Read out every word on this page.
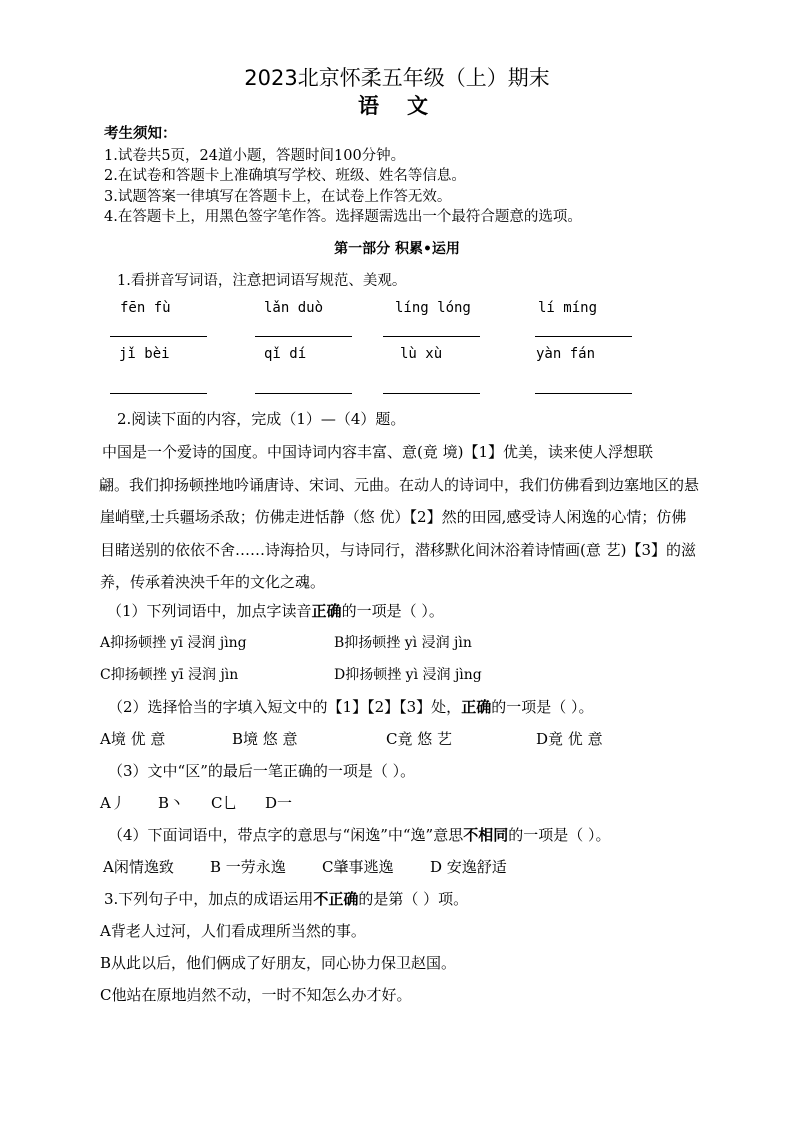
2023北京怀柔五年级（上）期末
语文
考生须知：
1.试卷共5页，24道小题，答题时间100分钟。
2.在试卷和答题卡上准确填写学校、班级、姓名等信息。
3.试题答案一律填写在答题卡上，在试卷上作答无效。
4.在答题卡上，用黑色签字笔作答。选择题需选出一个最符合题意的选项。
第一部分 积累•运用
1.看拼音写词语，注意把词语写规范、美观。
fēn fù	lǎn duò	líng lóng	lí míng
jǐ bèi	qǐ dí	lù xù	yàn fán
2.阅读下面的内容，完成（1）—（4）题。
中国是一个爱诗的国度。中国诗词内容丰富、意(竟 境)【1】优美，读来使人浮想联
翩。我们抑扬顿挫地吟诵唐诗、宋词、元曲。在动人的诗词中，我们仿佛看到边塞地区的悬
崖峭壁,士兵疆场杀敌；仿佛走进恬静（悠 优）【2】然的田园,感受诗人闲逸的心情；仿佛
目睹送别的依依不舍……诗海拾贝，与诗同行，潜移默化间沐浴着诗情画(意 艺)【3】的滋
养，传承着泱泱千年的文化之魂。
（1）下列词语中，加点字读音正确的一项是（ ）。
A抑扬顿挫 yī 浸润 jìng	B抑扬顿挫 yì 浸润 jìn
C抑扬顿挫 yī 浸润 jìn	D抑扬顿挫 yì 浸润 jìng
（2）选择恰当的字填入短文中的【1】【2】【3】处，正确的一项是（ ）。
A境 优 意	B境 悠 意	C竟 悠 艺	D竟 优 意
（3）文中“区”的最后一笔正确的一项是（ ）。
A丿 B丶 C乚 D一
（4）下面词语中，带点字的意思与“闲逸”中“逸”意思不相同的一项是（ ）。
A闲情逸致 B 一劳永逸 C肇事逃逸 D 安逸舒适
3.下列句子中，加点的成语运用不正确的是第（ ）项。
A背老人过河，人们看成理所当然的事。
B从此以后，他们俩成了好朋友，同心协力保卫赵国。
C他站在原地岿然不动，一时不知怎么办才好。
